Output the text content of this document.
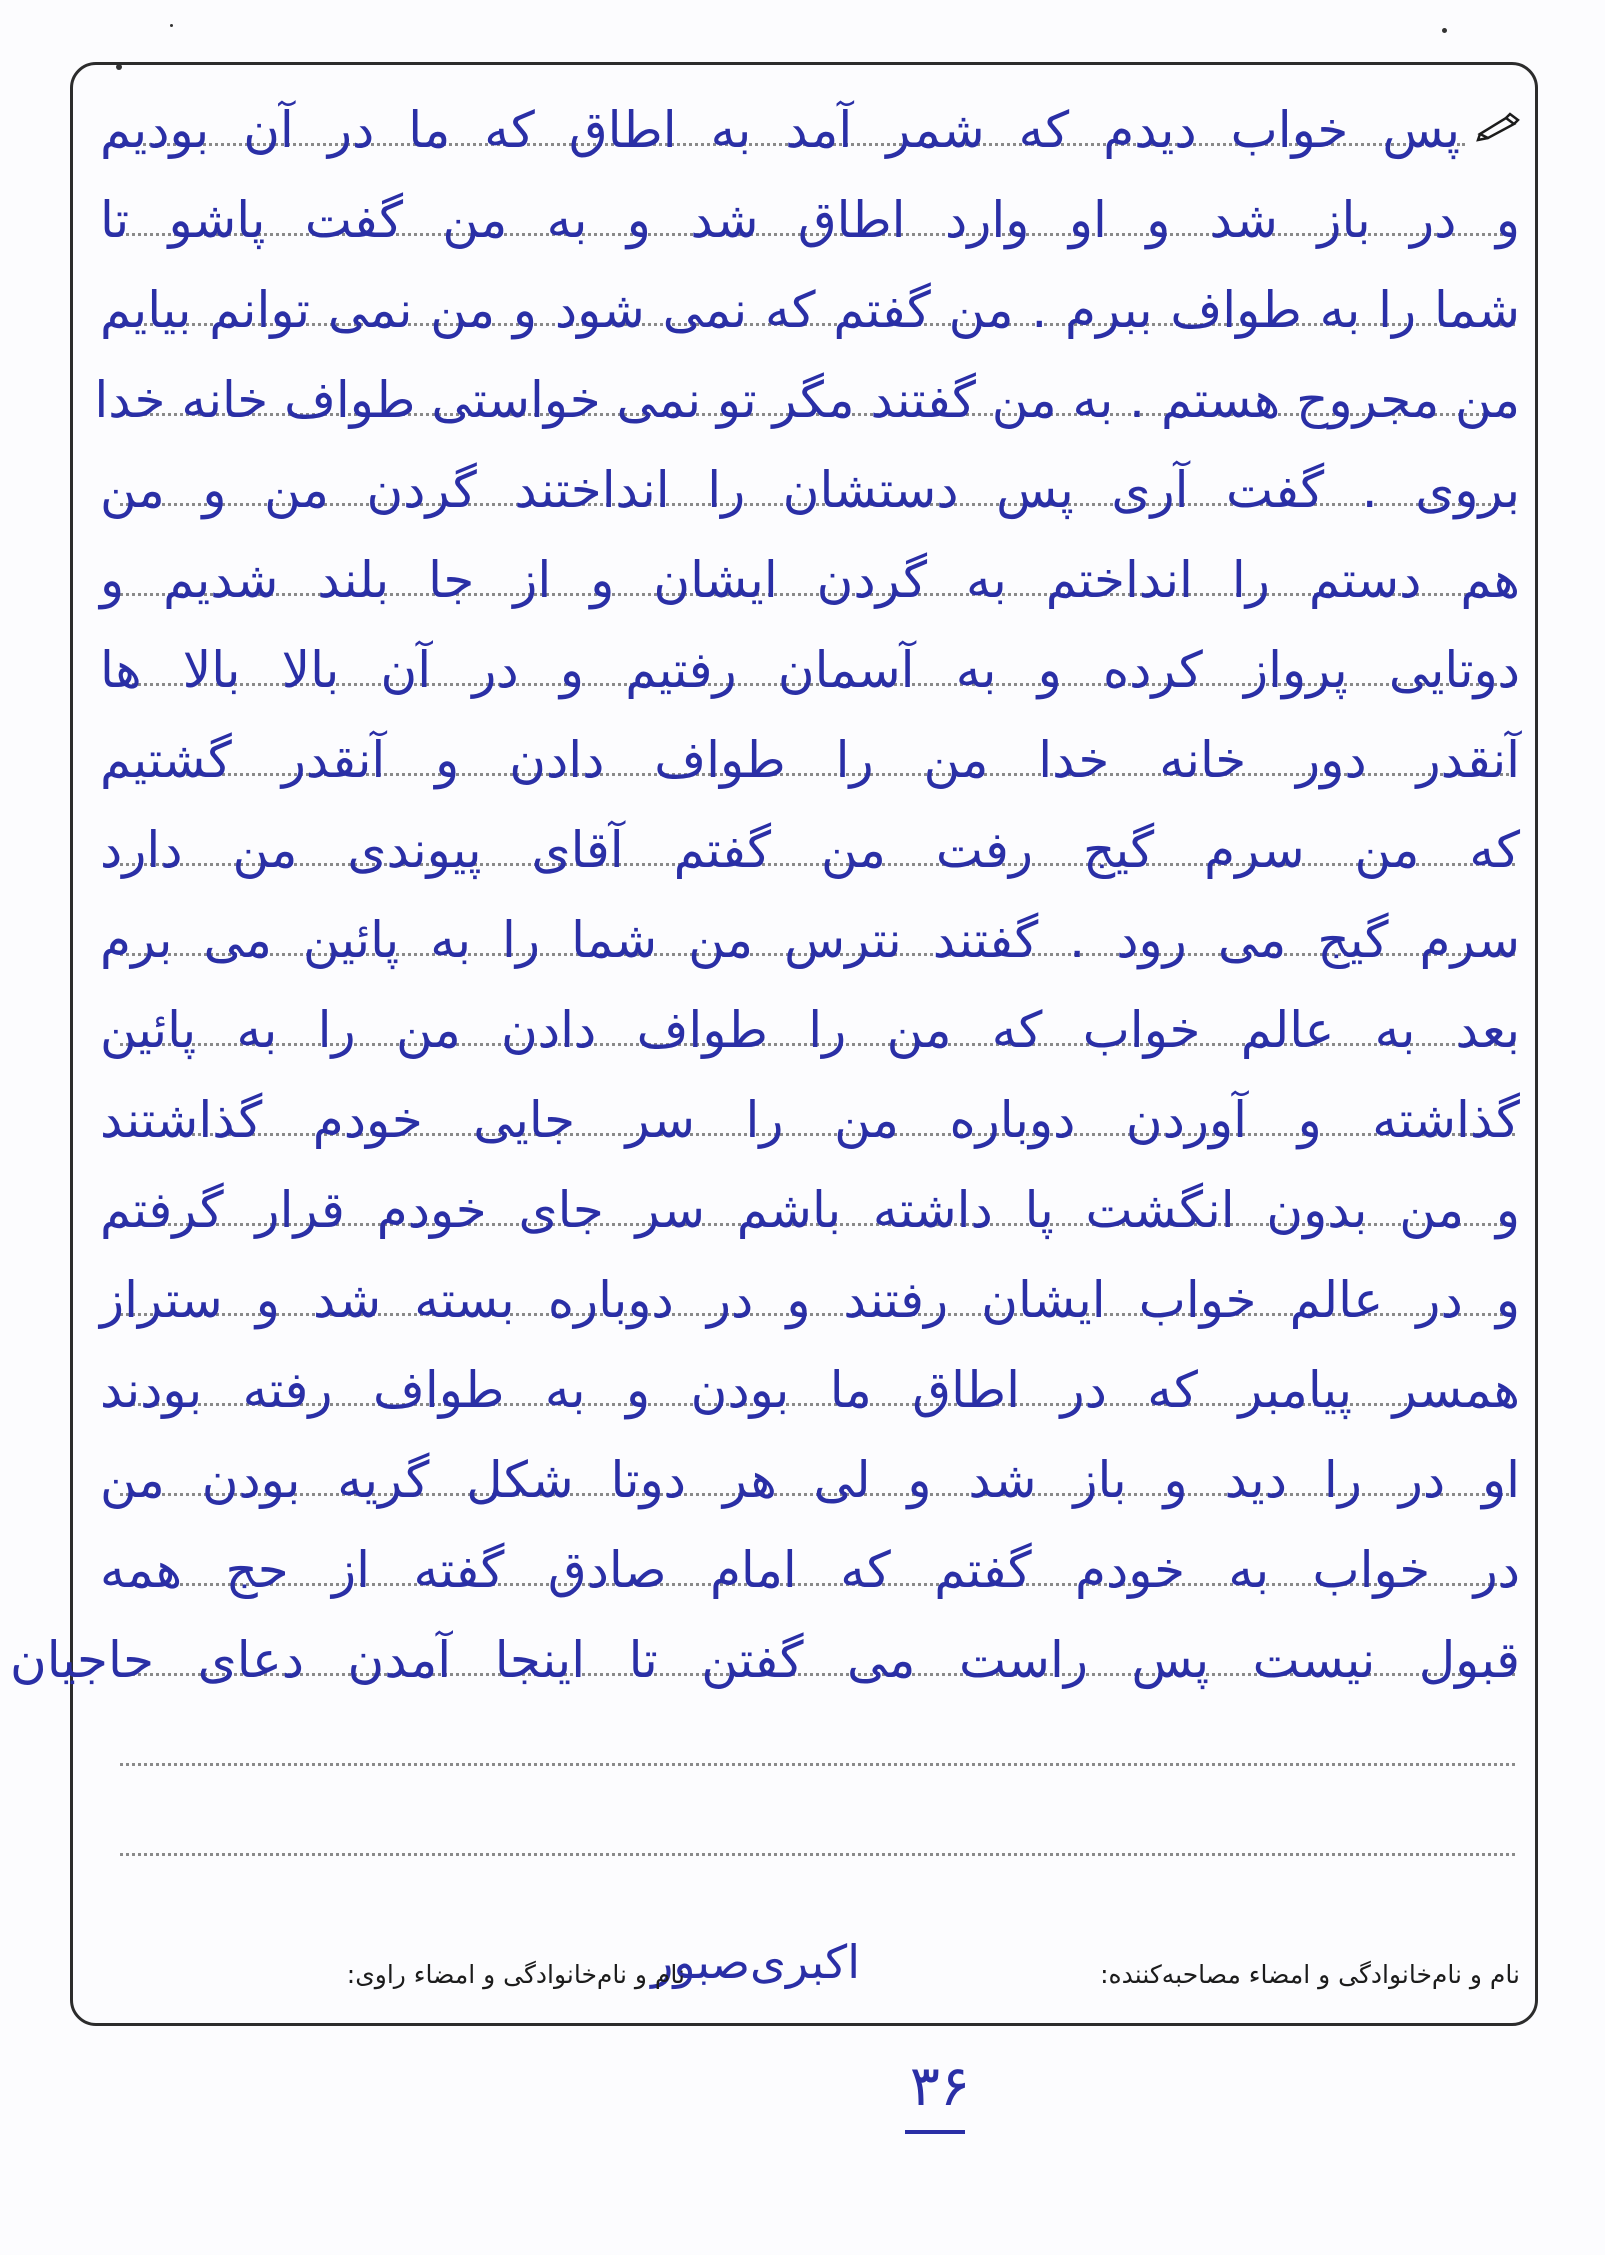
پس خواب دیدم که شمر آمد به اطاق که ما در آن بودیم
و در باز شد و او وارد اطاق شد و به من گفت پاشو تا
شما را به طواف ببرم . من گفتم که نمی شود و من نمی توانم بیایم
من مجروح هستم . به من گفتند مگر تو نمی خواستی طواف خانه خدا
بروی . گفت آری پس دستشان را انداختند گردن من و من
هم دستم را انداختم به گردن ایشان و از جا بلند شدیم و
دوتایی پرواز کرده و به آسمان رفتیم و در آن بالا بالا ها
آنقدر دور خانه خدا من را طواف دادن و آنقدر گشتیم
که من سرم گیج رفت من گفتم آقای پیوندی من دارد
سرم گیج می رود . گفتند نترس من شما را به پائین می برم
بعد به عالم خواب که من را طواف دادن من را به پائین
گذاشته و آوردن دوباره من را سر جایی خودم گذاشتند
و من بدون انگشت پا داشته باشم سر جای خودم قرار گرفتم
و در عالم خواب ایشان رفتند و در دوباره بسته شد و ستراز
همسر پیامبر که در اطاق ما بودن و به طواف رفته بودند
او در را دید و باز شد و لی هر دوتا شکل گریه بودن من
در خواب به خودم گفتم که امام صادق گفته از حج همه
قبول نیست پس راست می گفتن تا اینجا آمدن دعای حاجیان
نام و نام‌خانوادگی و امضاء مصاحبه‌کننده:
اکبری‌صبور
نام و نام‌خانوادگی و امضاء راوی:
۳۶
